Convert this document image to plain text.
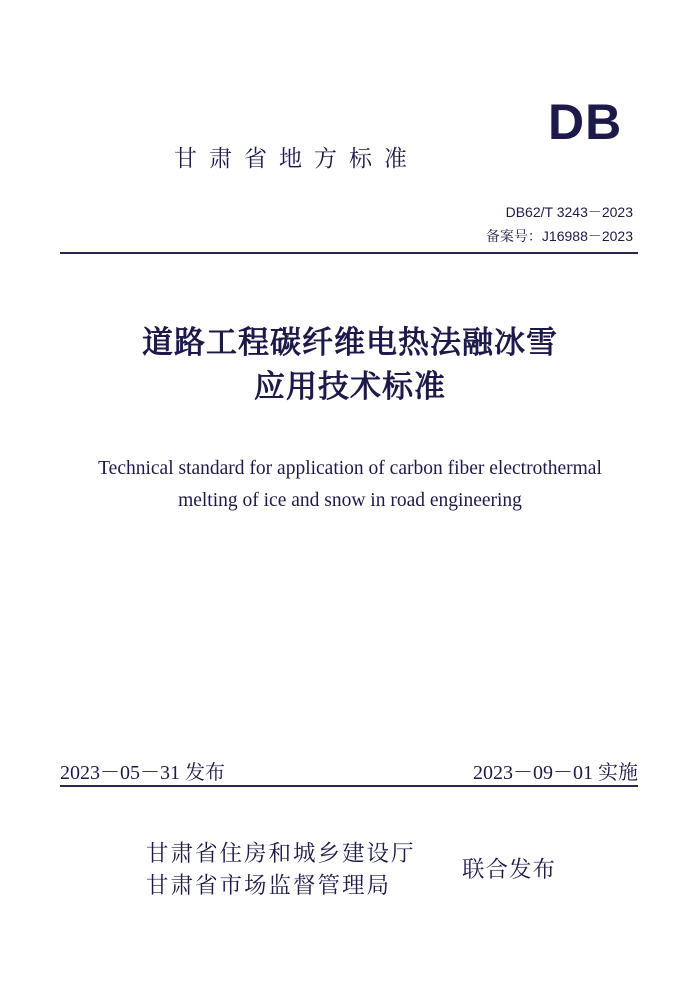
DB
甘肃省地方标准
DB62/T 3243－2023
备案号：J16988－2023
道路工程碳纤维电热法融冰雪
应用技术标准
Technical standard for application of carbon fiber electrothermal
melting of ice and snow in road engineering
2023－05－31 发布	2023－09－01 实施
甘肃省住房和城乡建设厅
甘肃省市场监督管理局
联合发布
